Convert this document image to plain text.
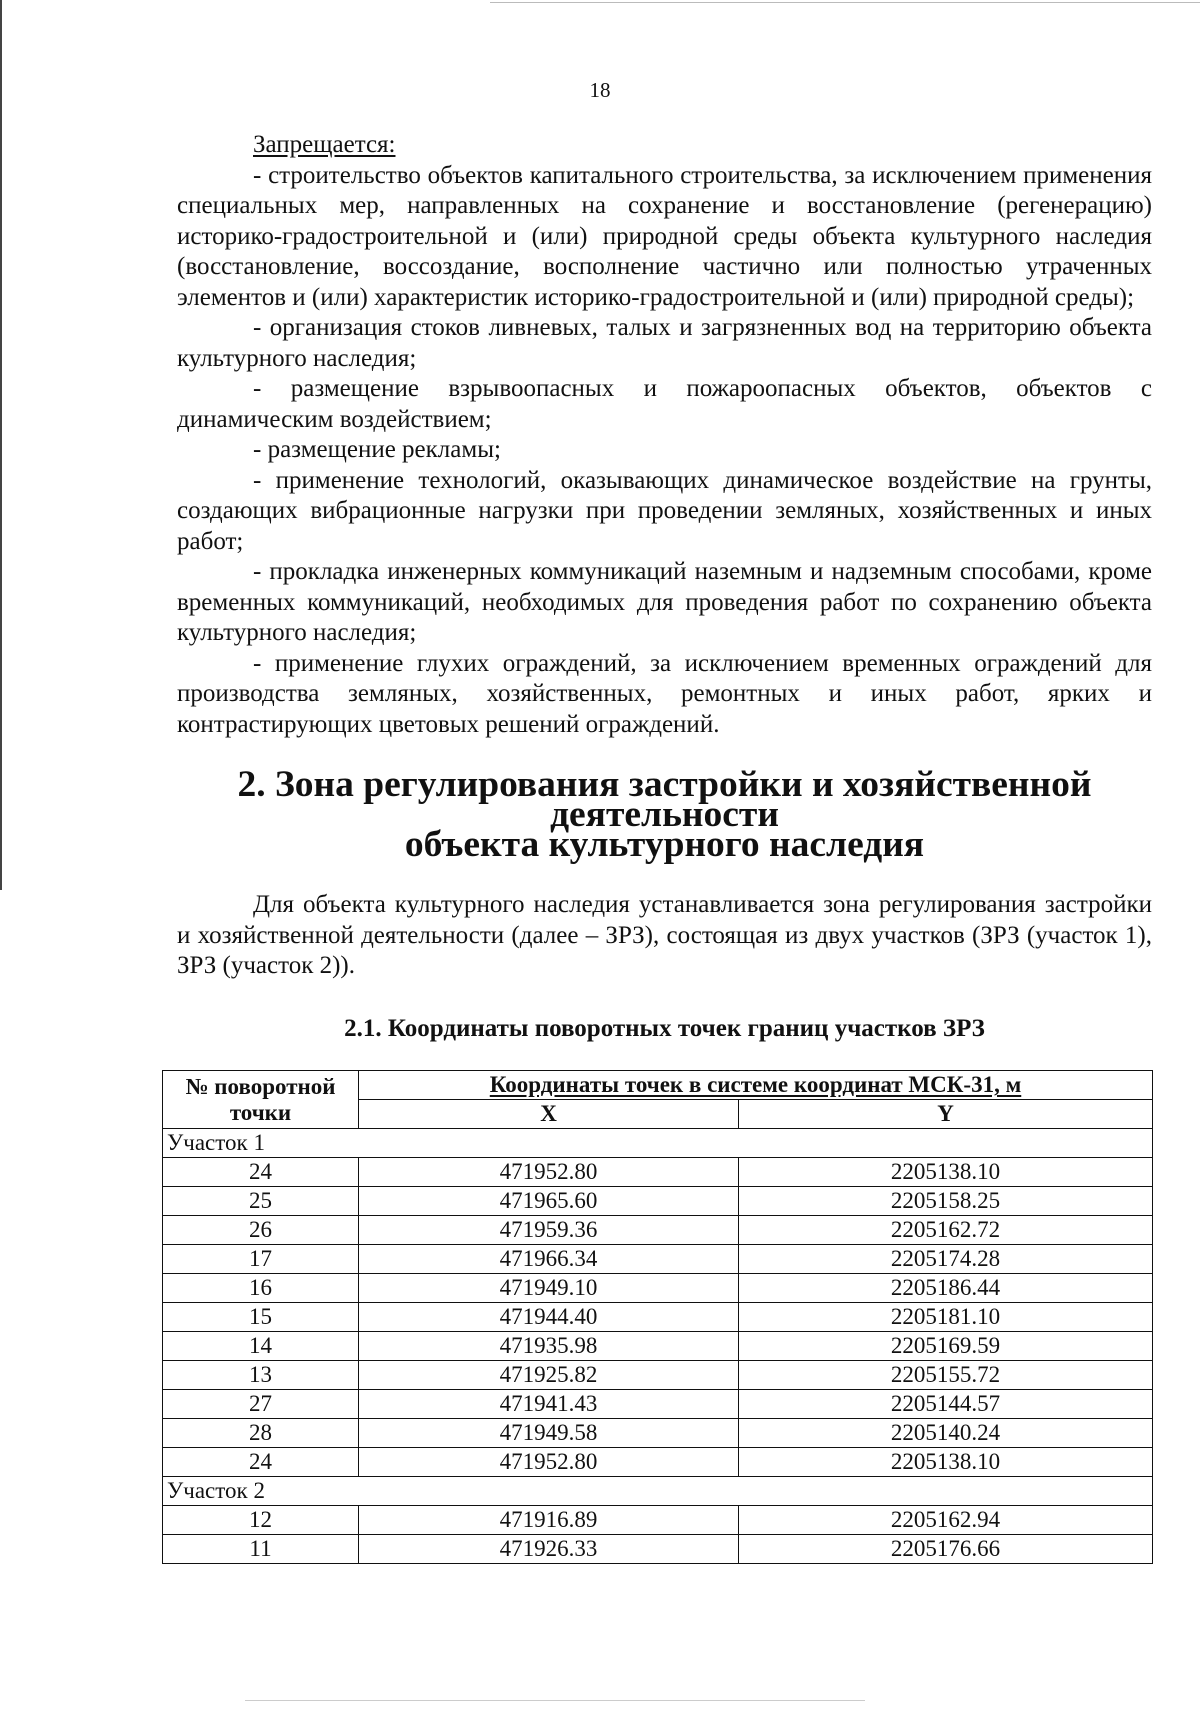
18

Запрещается:

- строительство объектов капитального строительства, за исключением применения специальных мер, направленных на сохранение и восстановление (регенерацию) историко-градостроительной и (или) природной среды объекта культурного наследия (восстановление, воссоздание, восполнение частично или полностью утраченных элементов и (или) характеристик историко-градостроительной и (или) природной среды);

- организация стоков ливневых, талых и загрязненных вод на территорию объекта культурного наследия;

- размещение взрывоопасных и пожароопасных объектов, объектов с динамическим воздействием;

- размещение рекламы;

- применение технологий, оказывающих динамическое воздействие на грунты, создающих вибрационные нагрузки при проведении земляных, хозяйственных и иных работ;

- прокладка инженерных коммуникаций наземным и надземным способами, кроме временных коммуникаций, необходимых для проведения работ по сохранению объекта культурного наследия;

- применение глухих ограждений, за исключением временных ограждений для производства земляных, хозяйственных, ремонтных и иных работ, ярких и контрастирующих цветовых решений ограждений.

2. Зона регулирования застройки и хозяйственной деятельности
объекта культурного наследия

Для объекта культурного наследия устанавливается зона регулирования застройки и хозяйственной деятельности (далее – ЗРЗ), состоящая из двух участков (ЗРЗ (участок 1), ЗРЗ (участок 2)).

2.1. Координаты поворотных точек границ участков ЗРЗ

№ поворотной точки	Координаты точек в системе координат МСК-31, м	
	X	Y
Участок 1		
24	471952.80	2205138.10
25	471965.60	2205158.25
26	471959.36	2205162.72
17	471966.34	2205174.28
16	471949.10	2205186.44
15	471944.40	2205181.10
14	471935.98	2205169.59
13	471925.82	2205155.72
27	471941.43	2205144.57
28	471949.58	2205140.24
24	471952.80	2205138.10
Участок 2		
12	471916.89	2205162.94
11	471926.33	2205176.66
